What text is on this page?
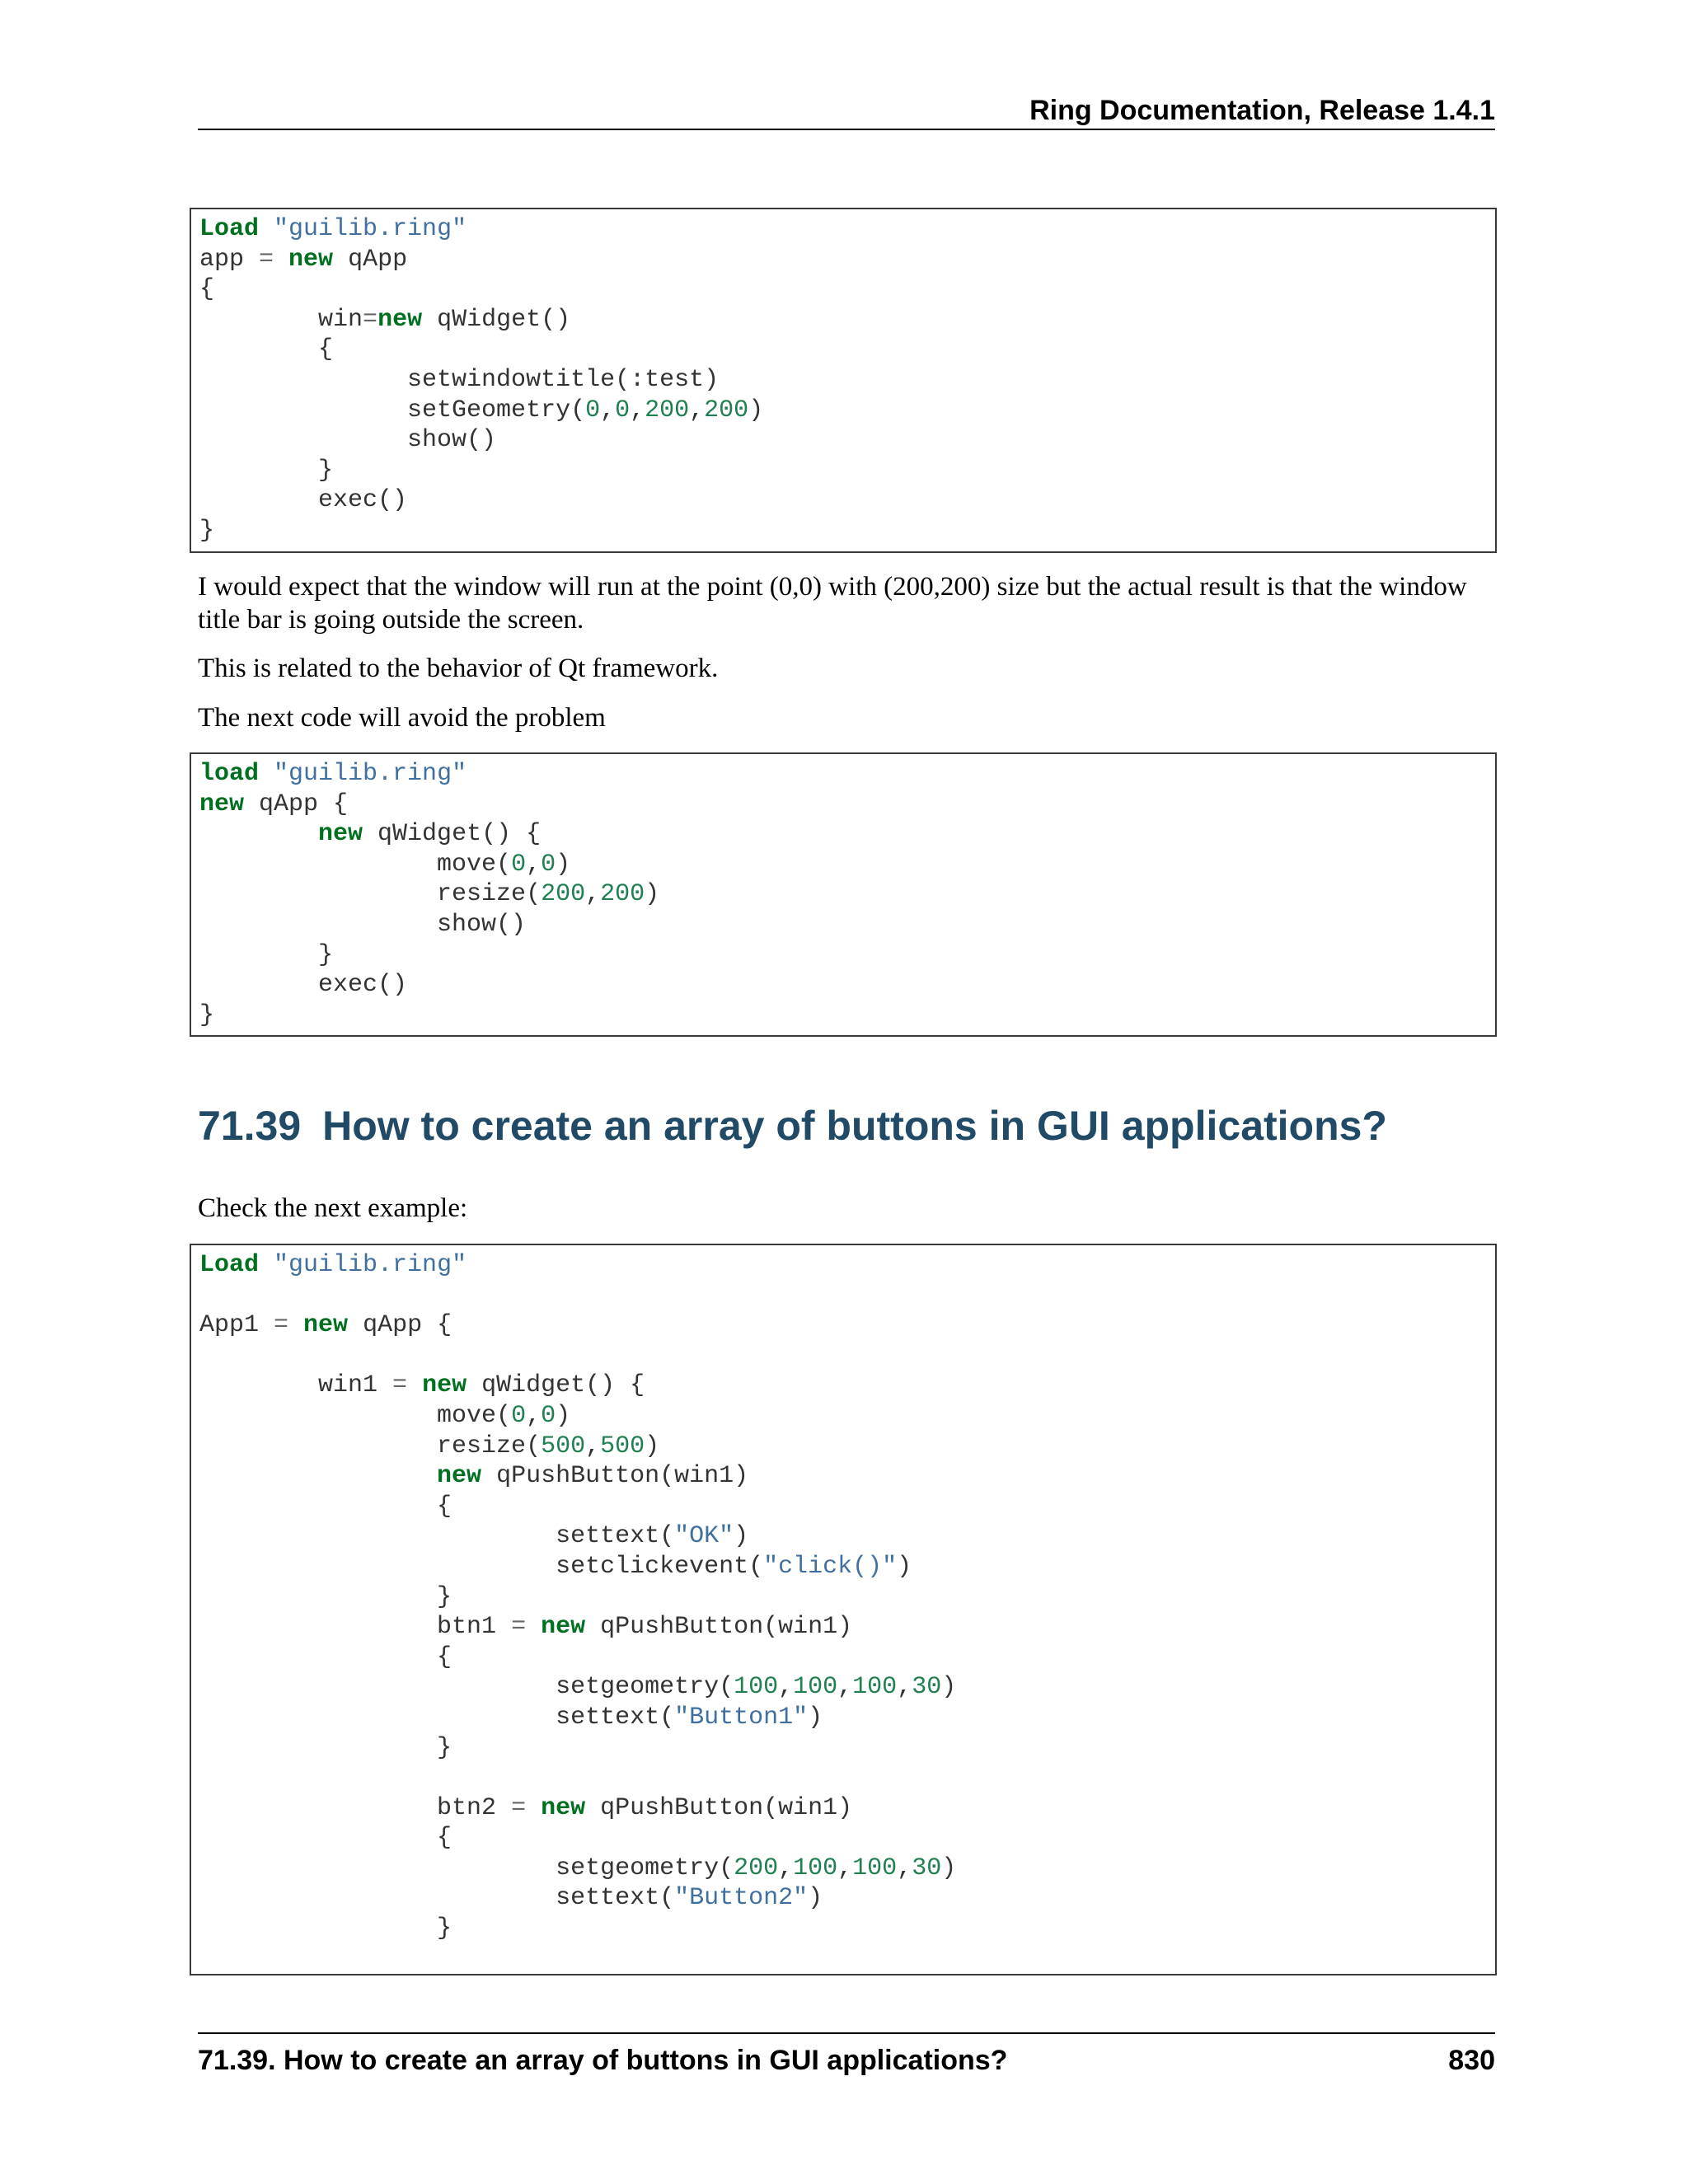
Ring Documentation, Release 1.4.1
Load "guilib.ring"
app = new qApp
{
win=new qWidget()
{
setwindowtitle(:test)
setGeometry(0,0,200,200)
show()
}
exec()
}

I would expect that the window will run at the point (0,0) with (200,200) size but the actual result is that the window title bar is going outside the screen.

This is related to the behavior of Qt framework.

The next code will avoid the problem

load "guilib.ring"
new qApp {
new qWidget() {
move(0,0)
resize(200,200)
show()
}
exec()
}
71.39 How to create an array of buttons in GUI applications?

Check the next example:

Load "guilib.ring"

App1 = new qApp {

win1 = new qWidget() {
move(0,0)
resize(500,500)
new qPushButton(win1)
{
settext("OK")
setclickevent("click()")
}
btn1 = new qPushButton(win1)
{
setgeometry(100,100,100,30)
settext("Button1")
}

btn2 = new qPushButton(win1)
{
setgeometry(200,100,100,30)
settext("Button2")
}
71.39. How to create an array of buttons in GUI applications?	830
